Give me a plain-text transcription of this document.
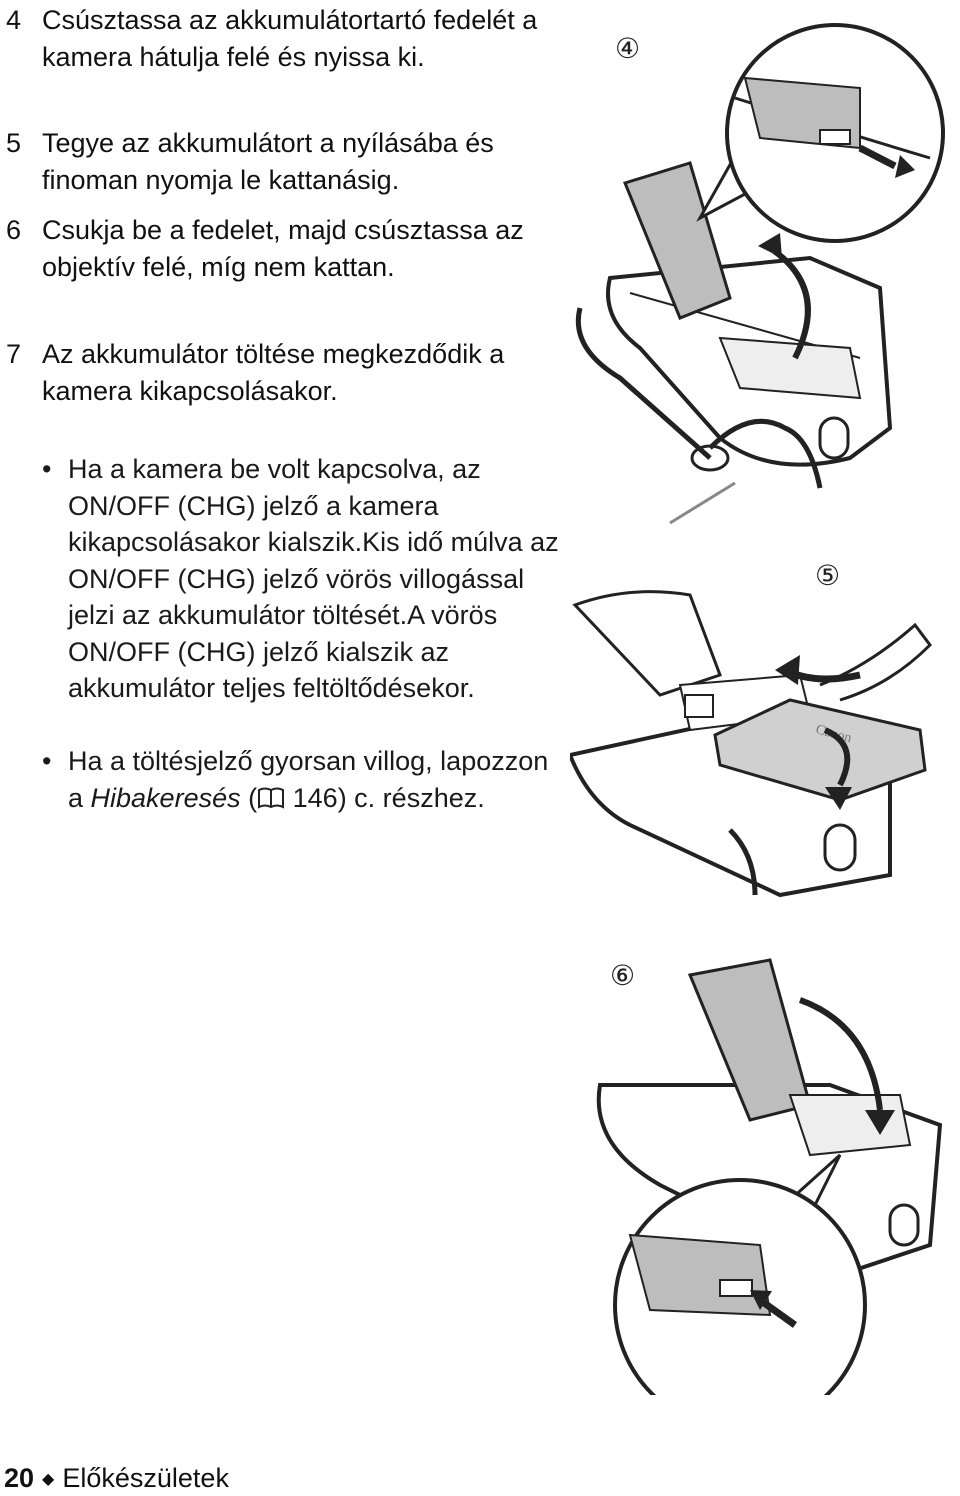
4 Csúsztassa az akkumulátortartó fedelét a kamera hátulja felé és nyissa ki.
5 Tegye az akkumulátort a nyílásába és finoman nyomja le kattanásig.
6 Csukja be a fedelet, majd csúsztassa az objektív felé, míg nem kattan.
7 Az akkumulátor töltése megkezdődik a kamera kikapcsolásakor.
• Ha a kamera be volt kapcsolva, az ON/OFF (CHG) jelző a kamera kikapcsolásakor kialszik.Kis idő múlva az ON/OFF (CHG) jelző vörös villogással jelzi az akkumulátor töltését.A vörös ON/OFF (CHG) jelző kialszik az akkumulátor teljes feltöltődésekor.
• Ha a töltésjelző gyorsan villog, lapozzon a Hibakeresés ( 146) c. részhez.
④
⑤
Canon
⑥
20 ◆ Előkészületek
